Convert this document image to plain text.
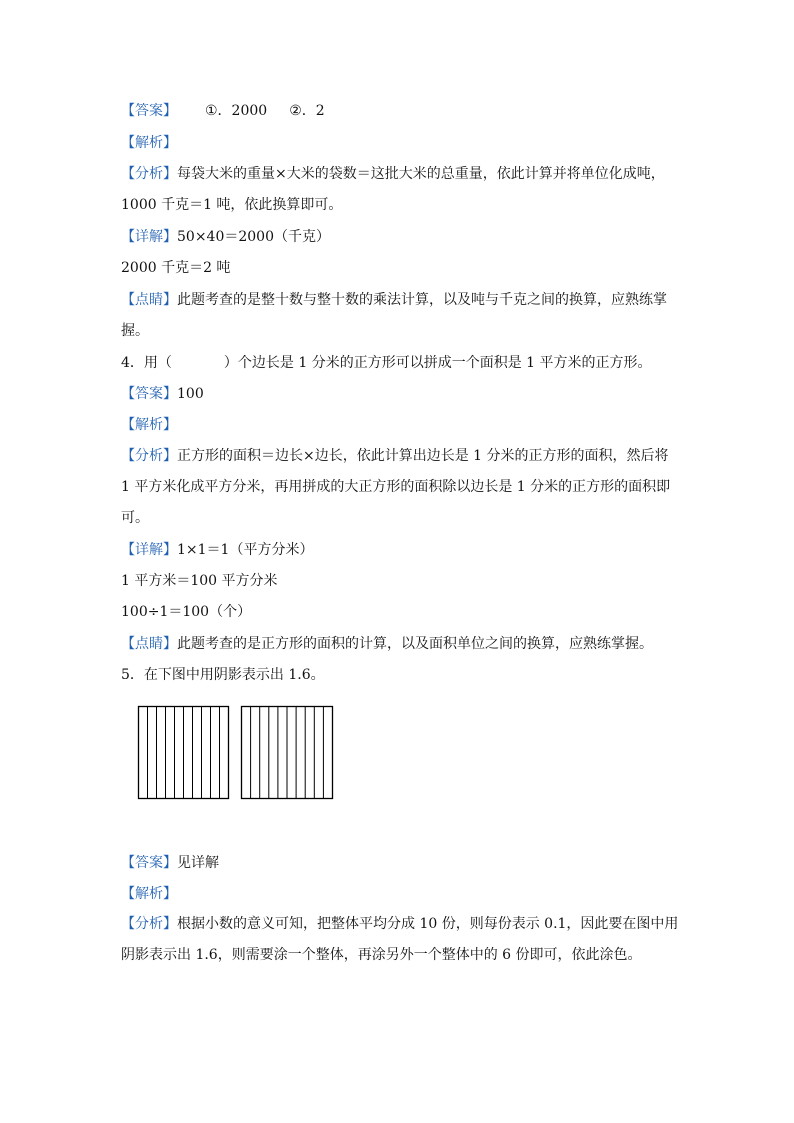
【答案】 ①．2000 ②．2
【解析】
【分析】每袋大米的重量×大米的袋数＝这批大米的总重量，依此计算并将单位化成吨，
1000 千克＝1 吨，依此换算即可。
【详解】50×40＝2000（千克）
2000 千克＝2 吨
【点睛】此题考查的是整十数与整十数的乘法计算，以及吨与千克之间的换算，应熟练掌
握。
4．用（	）个边长是 1 分米的正方形可以拼成一个面积是 1 平方米的正方形。
【答案】100
【解析】
【分析】正方形的面积＝边长×边长，依此计算出边长是 1 分米的正方形的面积，然后将
1 平方米化成平方分米，再用拼成的大正方形的面积除以边长是 1 分米的正方形的面积即
可。
【详解】1×1＝1（平方分米）
1 平方米＝100 平方分米
100÷1＝100（个）
【点睛】此题考查的是正方形的面积的计算，以及面积单位之间的换算，应熟练掌握。
5．在下图中用阴影表示出 1.6。
【答案】见详解
【解析】
【分析】根据小数的意义可知，把整体平均分成 10 份，则每份表示 0.1，因此要在图中用
阴影表示出 1.6，则需要涂一个整体，再涂另外一个整体中的 6 份即可，依此涂色。
